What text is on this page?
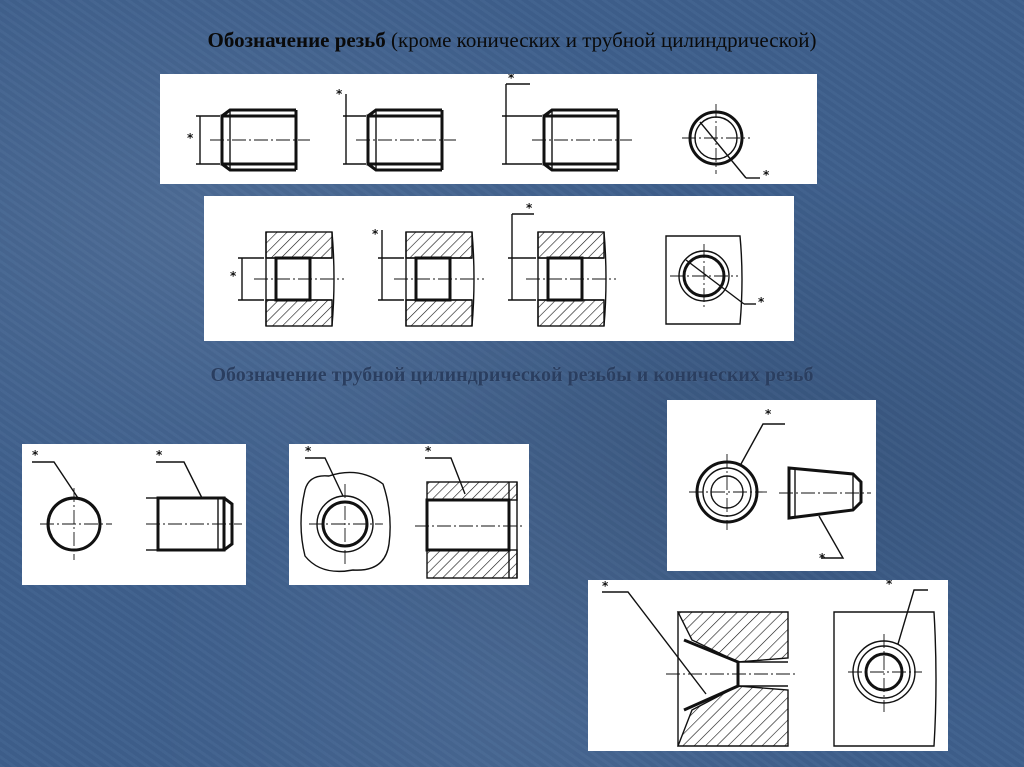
Обозначение резьб (кроме конических и трубной цилиндрической)
*
*
*
*
*
*
*
*
Обозначение трубной цилиндрической резьбы и конических резьб
*	*	*	*
*
*
*	*
